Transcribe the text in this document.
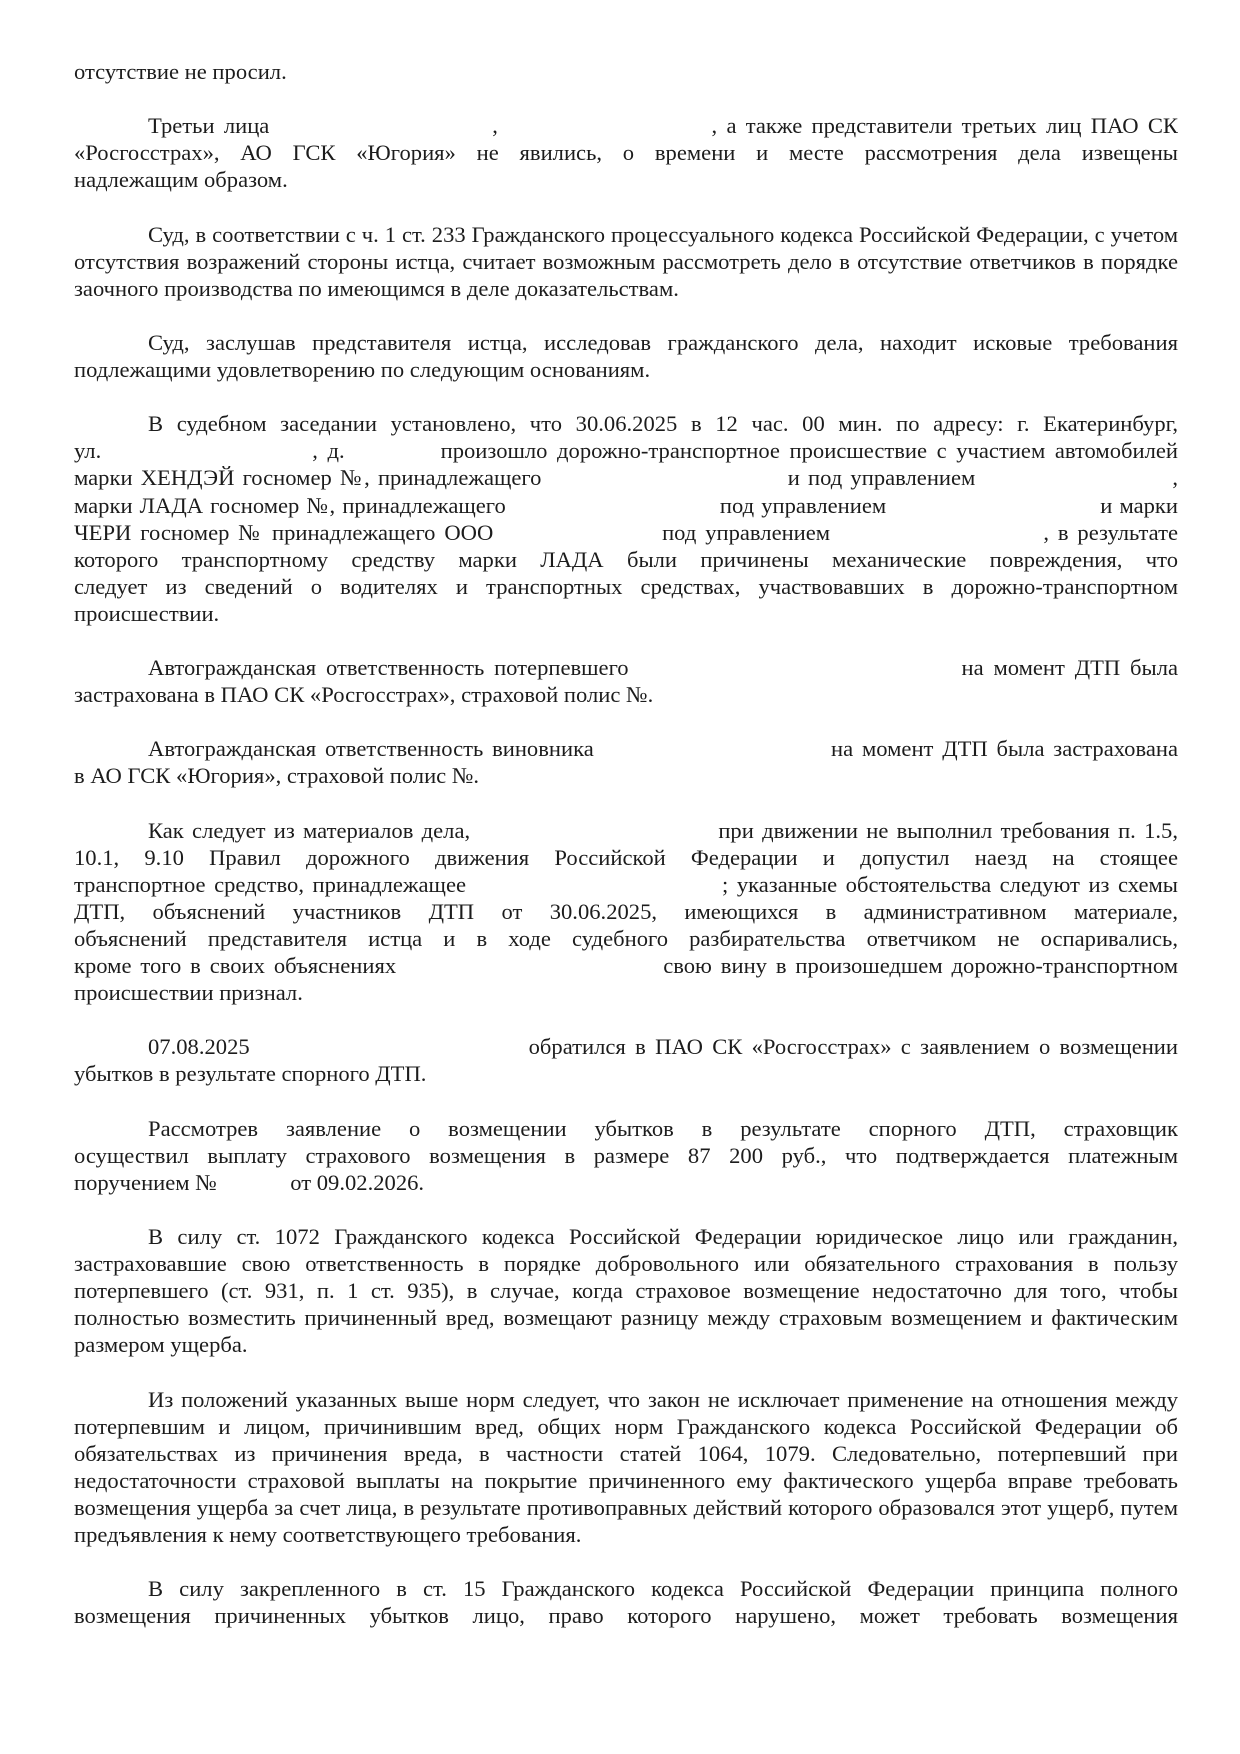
отсутствие не просил.

Третьи лица                        ,                       , а также представители третьих лиц ПАО СК
«Росгосстрах», АО ГСК «Югория» не явились, о времени и месте рассмотрения дела извещены
надлежащим образом.

Суд, в соответствии с ч. 1 ст. 233 Гражданского процессуального кодекса Российской Федерации, с учетом отсутствия возражений стороны истца, считает возможным рассмотреть дело в отсутствие ответчиков в порядке заочного производства по имеющимся в деле доказательствам.

Суд, заслушав представителя истца, исследовав гражданского дела, находит исковые требования подлежащими удовлетворению по следующим основаниям.

В судебном заседании установлено, что 30.06.2025 в 12 час. 00 мин. по адресу: г. Екатеринбург,
ул.                      , д.          произошло дорожно-транспортное происшествие с участием автомобилей
марки ХЕНДЭЙ госномер №, принадлежащего                              и под управлением                        ,
марки ЛАДА госномер №, принадлежащего                              под управлением                              и марки
ЧЕРИ госномер № принадлежащего ООО                   под управлением                        , в результате
которого транспортному средству марки ЛАДА были причинены механические повреждения, что
следует из сведений о водителях и транспортных средствах, участвовавших в дорожно-транспортном
происшествии.
Автогражданская ответственность потерпевшего                                  на момент ДТП была
застрахована в ПАО СК «Росгосстрах», страховой полис №.
Автогражданская ответственность виновника                           на момент ДТП была застрахована
в АО ГСК «Югория», страховой полис №.
Как следует из материалов дела,                              при движении не выполнил требования п. 1.5,
10.1, 9.10 Правил дорожного движения Российской Федерации и допустил наезд на стоящее
транспортное средство, принадлежащее                              ; указанные обстоятельства следуют из схемы
ДТП, объяснений участников ДТП от 30.06.2025, имеющихся в административном материале,
объяснений представителя истца и в ходе судебного разбирательства ответчиком не оспаривались,
кроме того в своих объяснениях                              свою вину в произошедшем дорожно-транспортном
происшествии признал.
07.08.2025                              обратился в ПАО СК «Росгосстрах» с заявлением о возмещении
убытков в результате спорного ДТП.
Рассмотрев заявление о возмещении убытков в результате спорного ДТП, страховщик
осуществил выплату страхового возмещения в размере 87 200 руб., что подтверждается платежным
поручением №             от 09.02.2026.

В силу ст. 1072 Гражданского кодекса Российской Федерации юридическое лицо или гражданин, застраховавшие свою ответственность в порядке добровольного или обязательного страхования в пользу потерпевшего (ст. 931, п. 1 ст. 935), в случае, когда страховое возмещение недостаточно для того, чтобы полностью возместить причиненный вред, возмещают разницу между страховым возмещением и фактическим размером ущерба.

Из положений указанных выше норм следует, что закон не исключает применение на отношения между потерпевшим и лицом, причинившим вред, общих норм Гражданского кодекса Российской Федерации об обязательствах из причинения вреда, в частности статей 1064, 1079. Следовательно, потерпевший при недостаточности страховой выплаты на покрытие причиненного ему фактического ущерба вправе требовать возмещения ущерба за счет лица, в результате противоправных действий которого образовался этот ущерб, путем предъявления к нему соответствующего требования.

В силу закрепленного в ст. 15 Гражданского кодекса Российской Федерации принципа полного возмещения причиненных убытков лицо, право которого нарушено, может требовать возмещения
